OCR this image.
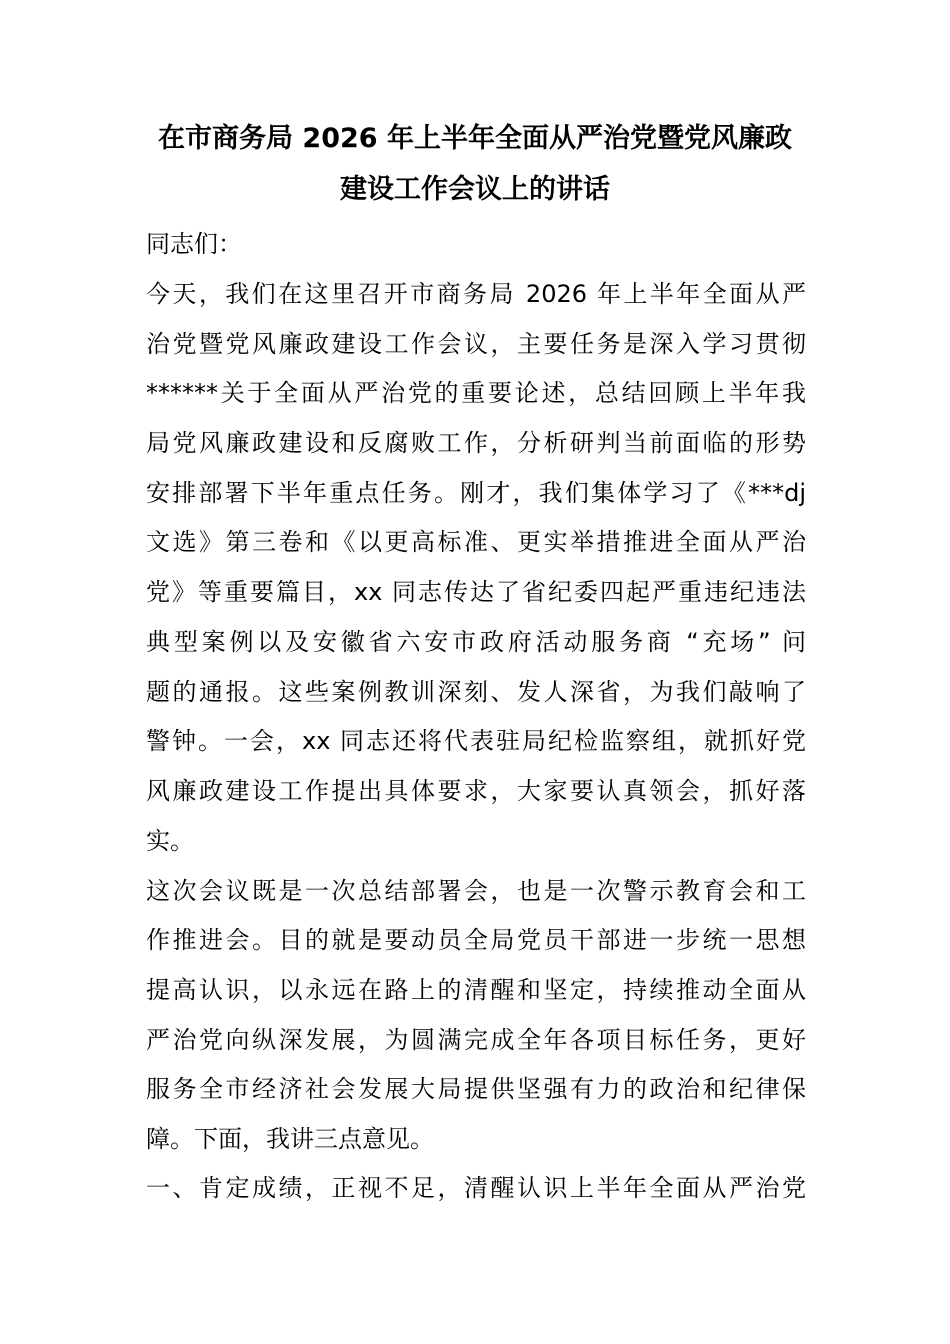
在市商务局 2026 年上半年全面从严治党暨党风廉政
建设工作会议上的讲话
同志们：
今天，我们在这里召开市商务局 2026 年上半年全面从严
治党暨党风廉政建设工作会议，主要任务是深入学习贯彻
******关于全面从严治党的重要论述，总结回顾上半年我
局党风廉政建设和反腐败工作，分析研判当前面临的形势
安排部署下半年重点任务。刚才，我们集体学习了《***dj
文选》第三卷和《以更高标准、更实举措推进全面从严治
党》等重要篇目，xx 同志传达了省纪委四起严重违纪违法
典型案例以及安徽省六安市政府活动服务商 “充场” 问
题的通报。这些案例教训深刻、发人深省，为我们敲响了
警钟。一会，xx 同志还将代表驻局纪检监察组，就抓好党
风廉政建设工作提出具体要求，大家要认真领会，抓好落
实。
这次会议既是一次总结部署会，也是一次警示教育会和工
作推进会。目的就是要动员全局党员干部进一步统一思想
提高认识，以永远在路上的清醒和坚定，持续推动全面从
严治党向纵深发展，为圆满完成全年各项目标任务，更好
服务全市经济社会发展大局提供坚强有力的政治和纪律保
障。下面，我讲三点意见。
一、肯定成绩，正视不足，清醒认识上半年全面从严治党
